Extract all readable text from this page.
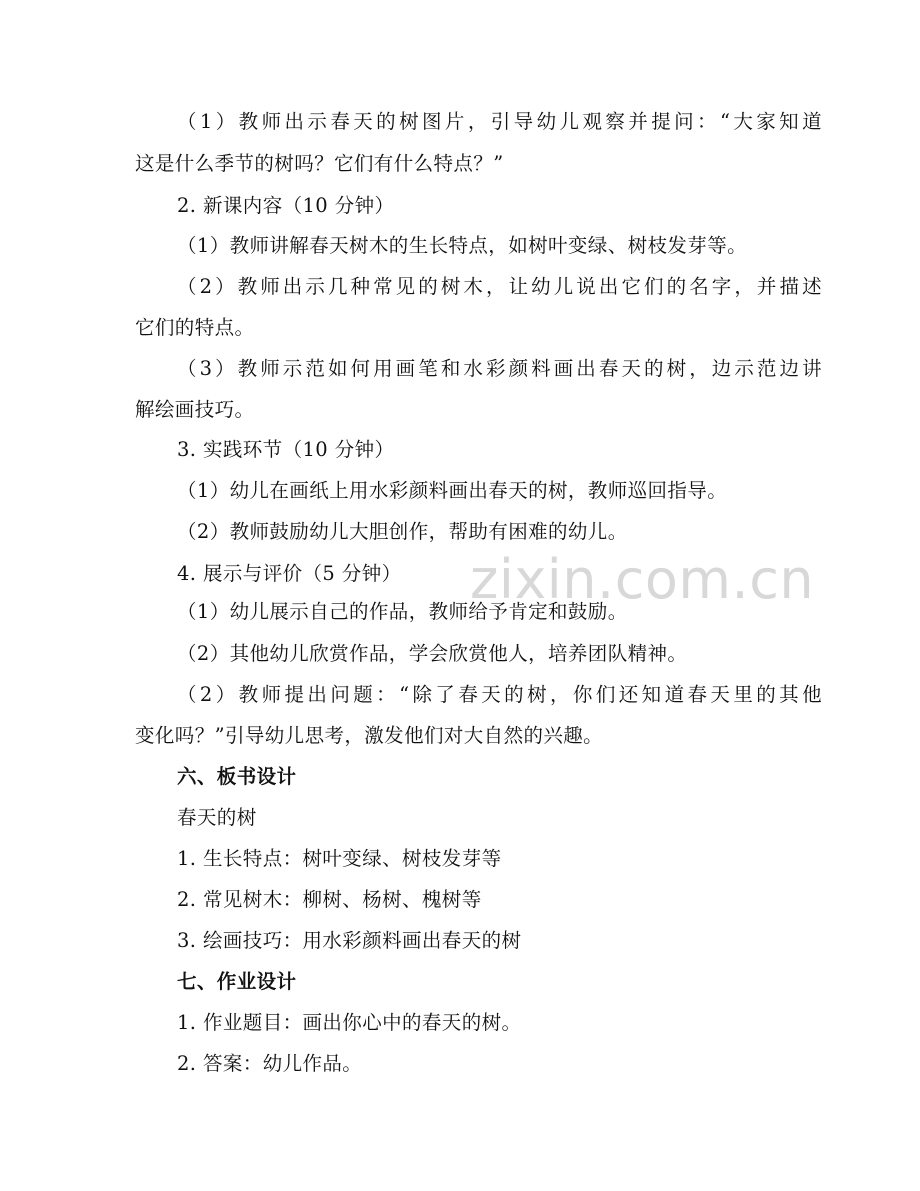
zixin.com.cn
（1）教师出示春天的树图片，引导幼儿观察并提问：“大家知道
这是什么季节的树吗？它们有什么特点？”
2. 新课内容（10 分钟）
（1）教师讲解春天树木的生长特点，如树叶变绿、树枝发芽等。
（2）教师出示几种常见的树木，让幼儿说出它们的名字，并描述
它们的特点。
（3）教师示范如何用画笔和水彩颜料画出春天的树，边示范边讲
解绘画技巧。
3. 实践环节（10 分钟）
（1）幼儿在画纸上用水彩颜料画出春天的树，教师巡回指导。
（2）教师鼓励幼儿大胆创作，帮助有困难的幼儿。
4. 展示与评价（5 分钟）
（1）幼儿展示自己的作品，教师给予肯定和鼓励。
（2）其他幼儿欣赏作品，学会欣赏他人，培养团队精神。
（2）教师提出问题：“除了春天的树，你们还知道春天里的其他
变化吗？”引导幼儿思考，激发他们对大自然的兴趣。
六、板书设计
春天的树
1. 生长特点：树叶变绿、树枝发芽等
2. 常见树木：柳树、杨树、槐树等
3. 绘画技巧：用水彩颜料画出春天的树
七、作业设计
1. 作业题目：画出你心中的春天的树。
2. 答案：幼儿作品。
